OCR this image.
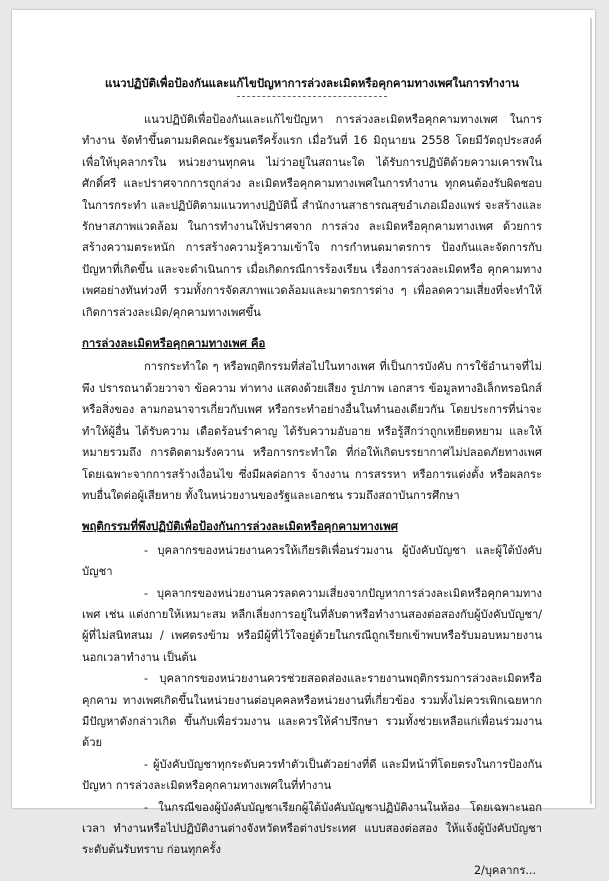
แนวปฏิบัติเพื่อป้องกันและแก้ไขปัญหาการล่วงละเมิดหรือคุกคามทางเพศในการทำงาน

แนวปฏิบัติเพื่อป้องกันและแก้ไขปัญหา การล่วงละเมิดหรือคุกคามทางเพศ ในการทำงาน จัดทำขึ้นตามมติคณะรัฐมนตรีครั้งแรก เมื่อวันที่ 16 มิถุนายน 2558 โดยมีวัตถุประสงค์ เพื่อให้บุคลากรใน หน่วยงานทุกคน ไม่ว่าอยู่ในสถานะใด ได้รับการปฏิบัติด้วยความเคารพในศักดิ์ศรี และปราศจากการถูกล่วง ละเมิดหรือคุกคามทางเพศในการทำงาน ทุกคนต้องรับผิดชอบในการกระทำ และปฏิบัติตามแนวทางปฏิบัตินี้ สำนักงานสาธารณสุขอำเภอเมืองแพร่ จะสร้างและรักษาสภาพแวดล้อม ในการทำงานให้ปราศจาก การล่วง ละเมิดหรือคุกคามทางเพศ ด้วยการสร้างความตระหนัก การสร้างความรู้ความเข้าใจ การกำหนดมาตรการ ป้องกันและจัดการกับปัญหาที่เกิดขึ้น และจะดำเนินการ เมื่อเกิดกรณีการร้องเรียน เรื่องการล่วงละเมิดหรือ คุกคามทางเพศอย่างทันท่วงที รวมทั้งการจัดสภาพแวดล้อมและมาตรการต่าง ๆ เพื่อลดความเสี่ยงที่จะทำให้ เกิดการล่วงละเมิด/คุกคามทางเพศขึ้น

การล่วงละเมิดหรือคุกคามทางเพศ คือ

การกระทำใด ๆ หรือพฤติกรรมที่ส่อไปในทางเพศ ที่เป็นการบังคับ การใช้อำนาจที่ไม่พึง ปรารถนาด้วยวาจา ข้อความ ท่าทาง แสดงด้วยเสียง รูปภาพ เอกสาร ข้อมูลทางอิเล็กทรอนิกส์ หรือสิ่งของ ลามกอนาจารเกี่ยวกับเพศ หรือกระทำอย่างอื่นในทำนองเดียวกัน โดยประการที่น่าจะทำให้ผู้อื่น ได้รับความ เดือดร้อนรำคาญ ได้รับความอับอาย หรือรู้สึกว่าถูกเหยียดหยาม และให้หมายรวมถึง การติดตามรังควาน หรือการกระทำใด ที่ก่อให้เกิดบรรยากาศไม่ปลอดภัยทางเพศ โดยเฉพาะจากการสร้างเงื่อนไข ซึ่งมีผลต่อการ จ้างงาน การสรรหา หรือการแต่งตั้ง หรือผลกระทบอื่นใดต่อผู้เสียหาย ทั้งในหน่วยงานของรัฐและเอกชน รวมถึงสถาบันการศึกษา

พฤติกรรมที่พึงปฏิบัติเพื่อป้องกันการล่วงละเมิดหรือคุกคามทางเพศ

- บุคลากรของหน่วยงานควรให้เกียรติเพื่อนร่วมงาน ผู้บังคับบัญชา และผู้ใต้บังคับบัญชา

- บุคลากรของหน่วยงานควรลดความเสี่ยงจากปัญหาการล่วงละเมิดหรือคุกคามทางเพศ เช่น แต่งกายให้เหมาะสม หลีกเลี่ยงการอยู่ในที่ลับตาหรือทำงานสองต่อสองกับผู้บังคับบัญชา/ผู้ที่ไม่สนิทสนม / เพศตรงข้าม หรือมีผู้ที่ไว้ใจอยู่ด้วยในกรณีถูกเรียกเข้าพบหรือรับมอบหมายงานนอกเวลาทำงาน เป็นต้น

- บุคลากรของหน่วยงานควรช่วยสอดส่องและรายงานพฤติกรรมการล่วงละเมิดหรือคุกคาม ทางเพศเกิดขึ้นในหน่วยงานต่อบุคคลหรือหน่วยงานที่เกี่ยวข้อง รวมทั้งไม่ควรเพิกเฉยหากมีปัญหาดังกล่าวเกิด ขึ้นกับเพื่อร่วมงาน และควรให้คำปรึกษา รวมทั้งช่วยเหลือแก่เพื่อนร่วมงานด้วย

- ผู้บังคับบัญชาทุกระดับควรทำตัวเป็นตัวอย่างที่ดี และมีหน้าที่โดยตรงในการป้องกันปัญหา การล่วงละเมิดหรือคุกคามทางเพศในที่ทำงาน

- ในกรณีของผู้บังคับบัญชาเรียกผู้ใต้บังคับบัญชาปฏิบัติงานในห้อง โดยเฉพาะนอกเวลา ทำงานหรือไปปฏิบัติงานต่างจังหวัดหรือต่างประเทศ แบบสองต่อสอง ให้แจ้งผู้บังคับบัญชาระดับต้นรับทราบ ก่อนทุกครั้ง

2/บุคลากร...
